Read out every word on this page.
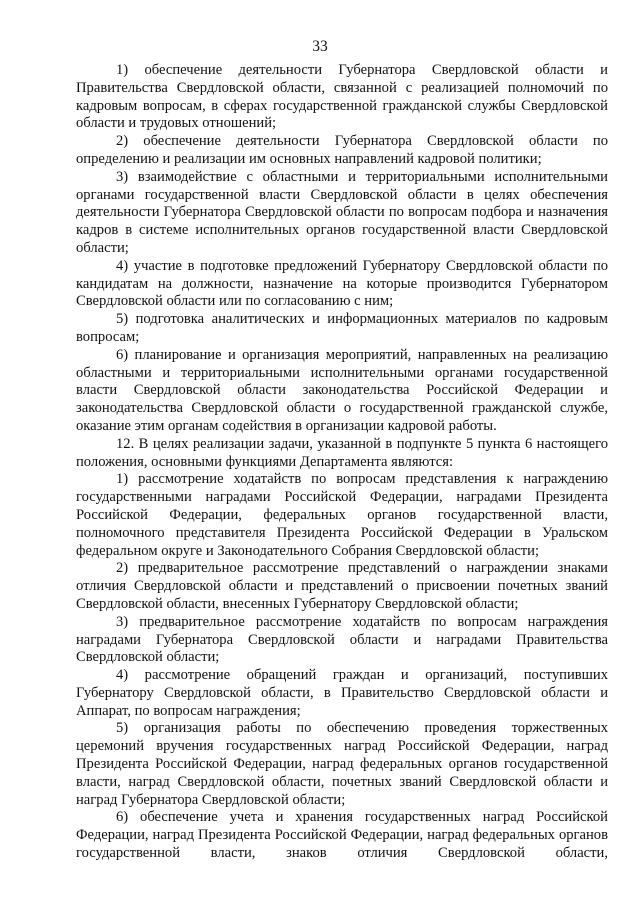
33

1) обеспечение деятельности Губернатора Свердловской области и Правительства Свердловской области, связанной с реализацией полномочий по кадровым вопросам, в сферах государственной гражданской службы Свердловской области и трудовых отношений;

2) обеспечение деятельности Губернатора Свердловской области по определению и реализации им основных направлений кадровой политики;

3) взаимодействие с областными и территориальными исполнительными органами государственной власти Свердловской области в целях обеспечения деятельности Губернатора Свердловской области по вопросам подбора и назначения кадров в системе исполнительных органов государственной власти Свердловской области;

4) участие в подготовке предложений Губернатору Свердловской области по кандидатам на должности, назначение на которые производится Губернатором Свердловской области или по согласованию с ним;

5) подготовка аналитических и информационных материалов по кадровым вопросам;

6) планирование и организация мероприятий, направленных на реализацию областными и территориальными исполнительными органами государственной власти Свердловской области законодательства Российской Федерации и законодательства Свердловской области о государственной гражданской службе, оказание этим органам содействия в организации кадровой работы.

12. В целях реализации задачи, указанной в подпункте 5 пункта 6 настоящего положения, основными функциями Департамента являются:

1) рассмотрение ходатайств по вопросам представления к награждению государственными наградами Российской Федерации, наградами Президента Российской Федерации, федеральных органов государственной власти, полномочного представителя Президента Российской Федерации в Уральском федеральном округе и Законодательного Собрания Свердловской области;

2) предварительное рассмотрение представлений о награждении знаками отличия Свердловской области и представлений о присвоении почетных званий Свердловской области, внесенных Губернатору Свердловской области;

3) предварительное рассмотрение ходатайств по вопросам награждения наградами Губернатора Свердловской области и наградами Правительства Свердловской области;

4) рассмотрение обращений граждан и организаций, поступивших Губернатору Свердловской области, в Правительство Свердловской области и Аппарат, по вопросам награждения;

5) организация работы по обеспечению проведения торжественных церемоний вручения государственных наград Российской Федерации, наград Президента Российской Федерации, наград федеральных органов государственной власти, наград Свердловской области, почетных званий Свердловской области и наград Губернатора Свердловской области;

6) обеспечение учета и хранения государственных наград Российской Федерации, наград Президента Российской Федерации, наград федеральных органов государственной власти, знаков отличия Свердловской области,
